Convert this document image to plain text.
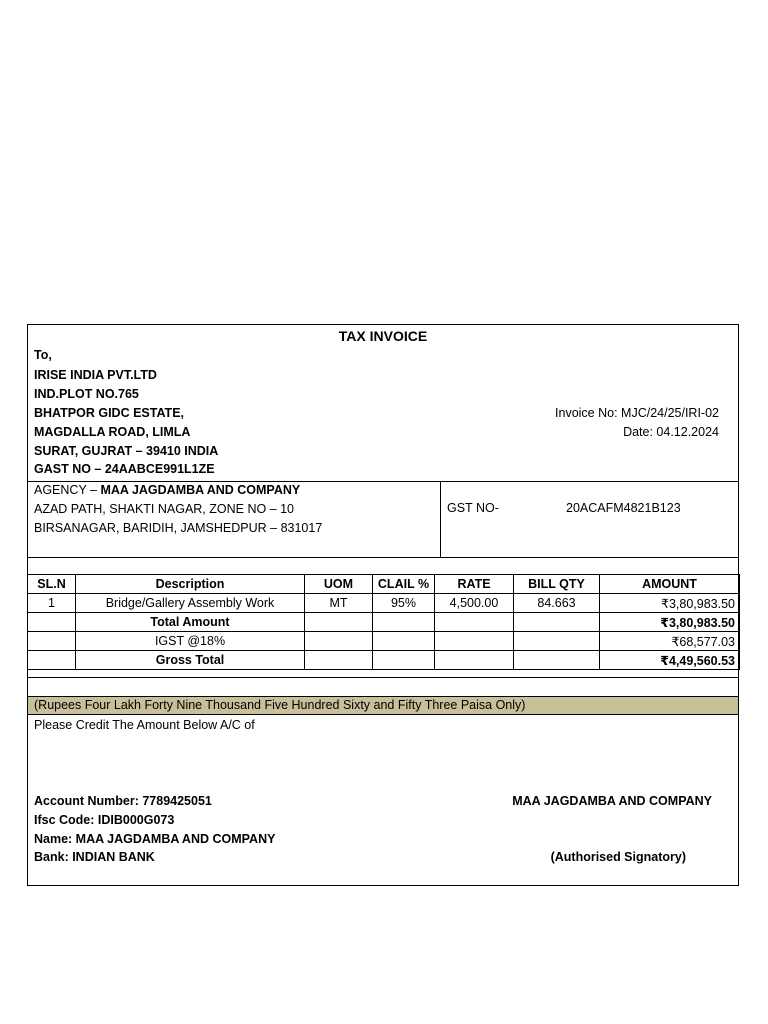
TAX INVOICE
To,
IRISE INDIA PVT.LTD
IND.PLOT NO.765
BHATPOR GIDC ESTATE,
MAGDALLA ROAD, LIMLA
SURAT, GUJRAT – 39410 INDIA
GAST NO – 24AABCE991L1ZE
Invoice No: MJC/24/25/IRI-02
Date: 04.12.2024
AGENCY – MAA JAGDAMBA AND COMPANY
AZAD PATH, SHAKTI NAGAR, ZONE NO – 10
BIRSANAGAR, BARIDIH, JAMSHEDPUR – 831017
GST NO-	20ACAFM4821B123
SL.N	Description	UOM	CLAIL %	RATE	BILL QTY	AMOUNT
1	Bridge/Gallery Assembly Work	MT	95%	4,500.00	84.663	₹3,80,983.50
	Total Amount					₹3,80,983.50
	IGST @18%					₹68,577.03
	Gross Total					₹4,49,560.53
(Rupees Four Lakh Forty Nine Thousand Five Hundred Sixty and Fifty Three Paisa Only)
Please Credit The Amount Below A/C of
Account Number: 7789425051
Ifsc Code: IDIB000G073
Name: MAA JAGDAMBA AND COMPANY
Bank: INDIAN BANK
MAA JAGDAMBA AND COMPANY
(Authorised Signatory)
